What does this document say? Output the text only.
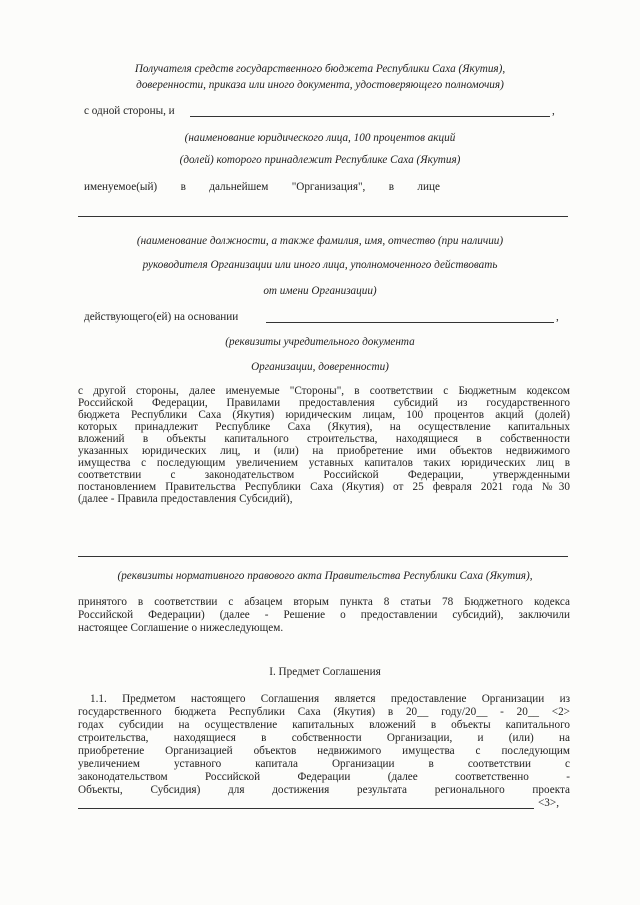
Получателя средств государственного бюджета Республики Саха (Якутия),
доверенности, приказа или иного документа, удостоверяющего полномочия)
с одной стороны, и	,
(наименование юридического лица, 100 процентов акций
(долей) которого принадлежит Республике Саха (Якутия)
именуемое(ый) в дальнейшем "Организация", в лице
(наименование должности, а также фамилия, имя, отчество (при наличии)
руководителя Организации или иного лица, уполномоченного действовать
от имени Организации)
действующего(ей) на основании	,
(реквизиты учредительного документа
Организации, доверенности)
с другой стороны, далее именуемые "Стороны", в соответствии с Бюджетным кодексом
Российской Федерации, Правилами предоставления субсидий из государственного
бюджета Республики Саха (Якутия) юридическим лицам, 100 процентов акций (долей)
которых принадлежит Республике Саха (Якутия), на осуществление капитальных
вложений в объекты капитального строительства, находящиеся в собственности
указанных юридических лиц, и (или) на приобретение ими объектов недвижимого
имущества с последующим увеличением уставных капиталов таких юридических лиц в
соответствии с законодательством Российской Федерации, утвержденными
постановлением Правительства Республики Саха (Якутия) от 25 февраля 2021 года №30
(далее - Правила предоставления Субсидий),
(реквизиты нормативного правового акта Правительства Республики Саха (Якутия),
принятого в соответствии с абзацем вторым пункта 8 статьи 78 Бюджетного кодекса
Российской Федерации) (далее - Решение о предоставлении субсидий), заключили
настоящее Соглашение о нижеследующем.
I. Предмет Соглашения
1.1. Предметом настоящего Соглашения является предоставление Организации из
государственного бюджета Республики Саха (Якутия) в 20__ году/20__ - 20__ <2>
годах субсидии на осуществление капитальных вложений в объекты капитального
строительства, находящиеся в собственности Организации, и (или) на
приобретение Организацией объектов недвижимого имущества с последующим
увеличением уставного капитала Организации в соответствии с
законодательством Российской Федерации (далее соответственно -
Объекты, Субсидия) для достижения результата регионального проекта
<3>,
